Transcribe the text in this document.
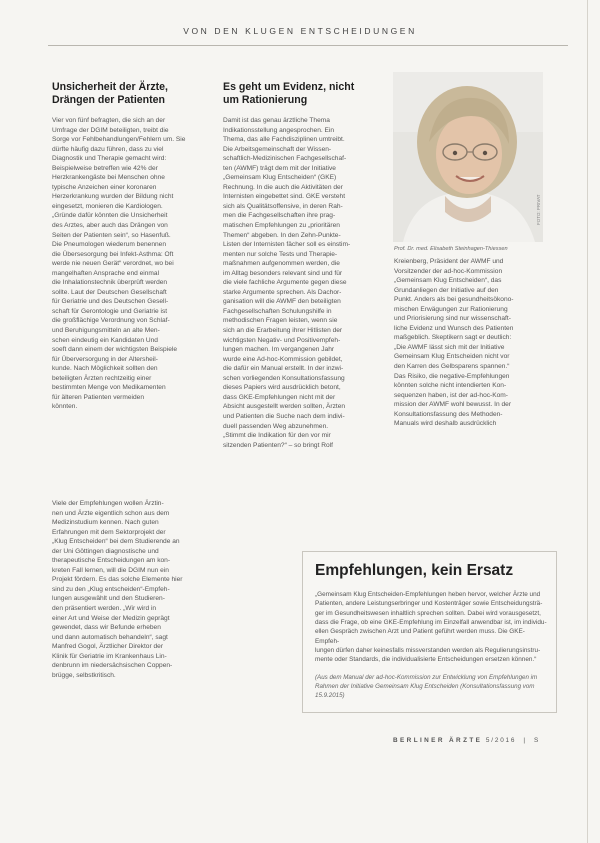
VON DEN KLUGEN ENTSCHEIDUNGEN
Unsicherheit der Ärzte,
Drängen der Patienten

Vier von fünf befragten, die sich an der
Umfrage der DGIM beteiligten, treibt die
Sorge vor Fehlbehandlungen/Fehlern um. Sie
dürfte häufig dazu führen, dass zu viel
Diagnostik und Therapie gemacht wird:
Beispielweise betreffen wie 42% der
Herzkrankengäste bei Menschen ohne
typische Anzeichen einer koronaren
Herzerkrankung wurden der Bildung nicht
eingesetzt, monieren die Kardiologen.
„Gründe dafür könnten die Unsicherheit
des Arztes, aber auch das Drängen von
Seiten der Patienten sein“, so Hasenfuß.
Die Pneumologen wiederum benennen
die Übersesorgung bei Infekt-Asthma: Oft
werde nie neuen Gerät“ verordnet, wo bei
mangelhaften Ansprache end einmal
die Inhalationstechnik überprüft werden
sollte. Laut der Deutschen Gesellschaft
für Geriatrie und des Deutschen Gesell-
schaft für Gerontologie und Geriatrie ist
die großflächige Verordnung von Schlaf-
und Beruhigungsmitteln an alte Men-
schen eindeutig ein Kandidaten Und
soeft dann einem der wichtigsten Beispiele
für Überversorgung in der Altersheil-
kunde. Nach Möglichkeit sollten den
beteiligten Ärzten rechtzeitig einer
bestimmten Menge von Medikamenten
für älteren Patienten vermeiden
könnten.

Viele der Empfehlungen wollen Ärztin-
nen und Ärzte eigentlich schon aus dem
Medizinstudium kennen. Nach guten
Erfahrungen mit dem Sektorprojekt der
„Klug Entscheiden“ bei dem Studierende an
der Uni Göttingen diagnostische und
therapeutische Entscheidungen am kon-
kreten Fall lernen, will die DGIM nun ein
Projekt fördern. Es das solche Elemente hier
sind zu den „Klug entscheiden“-Empfeh-
lungen ausgewählt und den Studieren-
den präsentiert werden. „Wir wird in
einer Art und Weise der Medizin geprägt
gewendet, dass wir Befunde erheben
und dann automatisch behandeln“, sagt
Manfred Gogol, Ärztlicher Direktor der
Klinik für Geriatrie im Krankenhaus Lin-
denbrunn im niedersächsischen Coppen-
brügge, selbstkritisch.

Es geht um Evidenz, nicht
um Rationierung

Damit ist das genau ärztliche Thema
Indikationsstellung angesprochen. Ein
Thema, das alle Fachdisziplinen umtreibt.
Die Arbeitsgemeinschaft der Wissen-
schaftlich-Medizinischen Fachgesellschaf-
ten (AWMF) trägt dem mit der Initiative
„Gemeinsam Klug Entscheiden“ (GKE)
Rechnung. In die auch die Aktivitäten der
Internisten eingebettet sind. GKE versteht
sich als Qualitätsoffensive, in deren Rah-
men die Fachgesellschaften ihre prag-
matischen Empfehlungen zu „prioritären
Themen“ abgeben. In den Zehn-Punkte-
Listen der Internisten fächer soll es einstim-
menten nur solche Tests und Therapie-
maßnahmen aufgenommen werden, die
im Alltag besonders relevant sind und für
die viele fachliche Argumente gegen diese
starke Argumente sprechen. Als Dachor-
ganisation will die AWMF den beteiligten
Fachgesellschaften Schulungshilfe in
methodischen Fragen leisten, wenn sie
sich an die Erarbeitung ihrer Hitlisten der
wichtigsten Negativ- und Positivempfeh-
lungen machen. Im vergangenen Jahr
wurde eine Ad-hoc-Kommission gebildet,
die dafür ein Manual erstellt. In der inzwi-
schen vorliegenden Konsultationsfassung
dieses Papiers wird ausdrücklich betont,
dass GKE-Empfehlungen nicht mit der
Absicht ausgestellt werden sollten, Ärzten
und Patienten die Suche nach dem indivi-
duell passenden Weg abzunehmen.
„Stimmt die Indikation für den vor mir
sitzenden Patienten?“ – so bringt Rolf

FOTO: PRIVAT
Prof. Dr. med. Elisabeth Steinhagen-Thiessen

Kreienberg, Präsident der AWMF und
Vorsitzender der ad-hoc-Kommission
„Gemeinsam Klug Entscheiden“, das
Grundanliegen der Initiative auf den
Punkt. Anders als bei gesundheitsökono-
mischen Erwägungen zur Rationierung
und Priorisierung sind nur wissenschaft-
liche Evidenz und Wunsch des Patienten
maßgeblich. Skeptikern sagt er deutlich:
„Die AWMF lässt sich mit der Initiative
Gemeinsam Klug Entscheiden nicht vor
den Karren des Gelbsparens spannen.“
Das Risiko, die negative-Empfehlungen
könnten solche nicht intendierten Kon-
sequenzen haben, ist der ad-hoc-Kom-
mission der AWMF wohl bewusst. In der
Konsultationsfassung des Methoden-
Manuals wird deshalb ausdrücklich

Empfehlungen, kein Ersatz
„Gemeinsam Klug Entscheiden-Empfehlungen heben hervor, welcher Ärzte und
Patienten, andere Leistungserbringer und Kostenträger sowie Entscheidungsträ-
ger im Gesundheitswesen inhaltlich sprechen sollten. Dabei wird vorausgesetzt,
dass die Frage, ob eine GKE-Empfehlung im Einzelfall anwendbar ist, im individu-
ellen Gespräch zwischen Arzt und Patient geführt werden muss. Die GKE-Empfeh-
lungen dürfen daher keinesfalls missverstanden werden als Regulierungsinstru-
mente oder Standards, die individualisierte Entscheidungen ersetzen können.“
(Aus dem Manual der ad-hoc-Kommission zur Entwicklung von Empfehlungen im
Rahmen der Initiative Gemeinsam Klug Entscheiden (Konsultationsfassung vom
15.9.2015)
BERLINER ÄRZTE 5/2016  |  S
